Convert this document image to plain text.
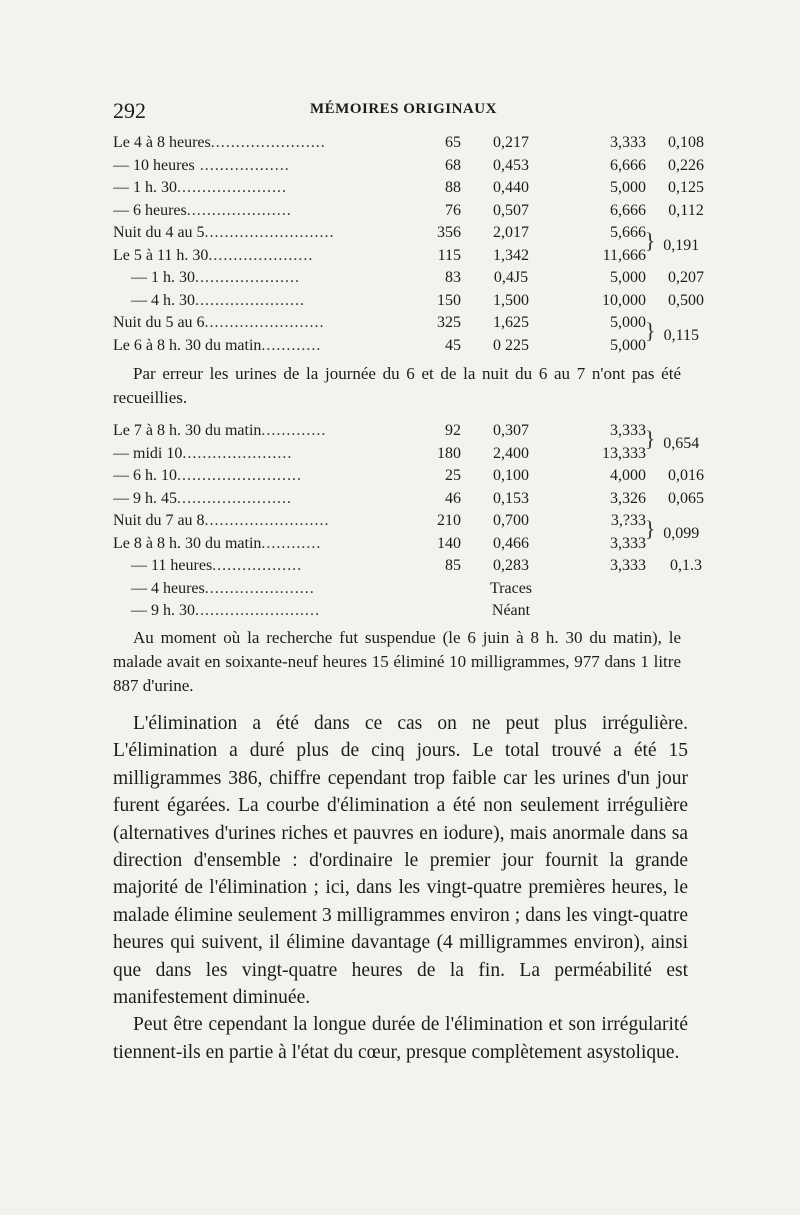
292	MÉMOIRES ORIGINAUX
Le 4 à 8 heures.......................	65	0,217	3,333	0,108
— 10 heures ..................	68	0,453	6,666	0,226
— 1 h. 30......................	88	0,440	5,000	0,125
— 6 heures.....................	76	0,507	6,666	0,112
Nuit du 4 au 5..........................	356	2,017	5,666	} 0,191
Le 5 à 11 h. 30.....................	115	1,342	11,666	
— 1 h. 30.....................	83	0,4J5	5,000	0,207
— 4 h. 30......................	150	1,500	10,000	0,500
Nuit du 5 au 6........................	325	1,625	5,000	} 0,115
Le 6 à 8 h. 30 du matin............	45	0 225	5,000	
Par erreur les urines de la journée du 6 et de la nuit du 6 au 7 n'ont pas été recueillies.
Le 7 à 8 h. 30 du matin.............	92	0,307	3,333	} 0,654
— midi 10......................	180	2,400	13,333	
— 6 h. 10.........................	25	0,100	4,000	0,016
— 9 h. 45.......................	46	0,153	3,326	0,065
Nuit du 7 au 8.........................	210	0,700	3,?33	} 0,099
Le 8 à 8 h. 30 du matin............	140	0,466	3,333	
— 11 heures..................	85	0,283	3,333	0,1.3
— 4 heures......................		Traces		
— 9 h. 30.........................		Néant		
Au moment où la recherche fut suspendue (le 6 juin à 8 h. 30 du matin), le malade avait en soixante-neuf heures 15 éliminé 10 milligrammes, 977 dans 1 litre 887 d'urine.

L'élimination a été dans ce cas on ne peut plus irrégulière. L'élimination a duré plus de cinq jours. Le total trouvé a été 15 milligrammes 386, chiffre cependant trop faible car les urines d'un jour furent égarées. La courbe d'élimination a été non seulement irrégulière (alternatives d'urines riches et pauvres en iodure), mais anormale dans sa direction d'ensemble : d'ordinaire le premier jour fournit la grande majorité de l'élimination ; ici, dans les vingt-quatre premières heures, le malade élimine seulement 3 milligrammes environ ; dans les vingt-quatre heures qui suivent, il élimine davantage (4 milligrammes environ), ainsi que dans les vingt-quatre heures de la fin. La perméabilité est manifestement diminuée.

Peut être cependant la longue durée de l'élimination et son irrégularité tiennent-ils en partie à l'état du cœur, presque complètement asystolique.
